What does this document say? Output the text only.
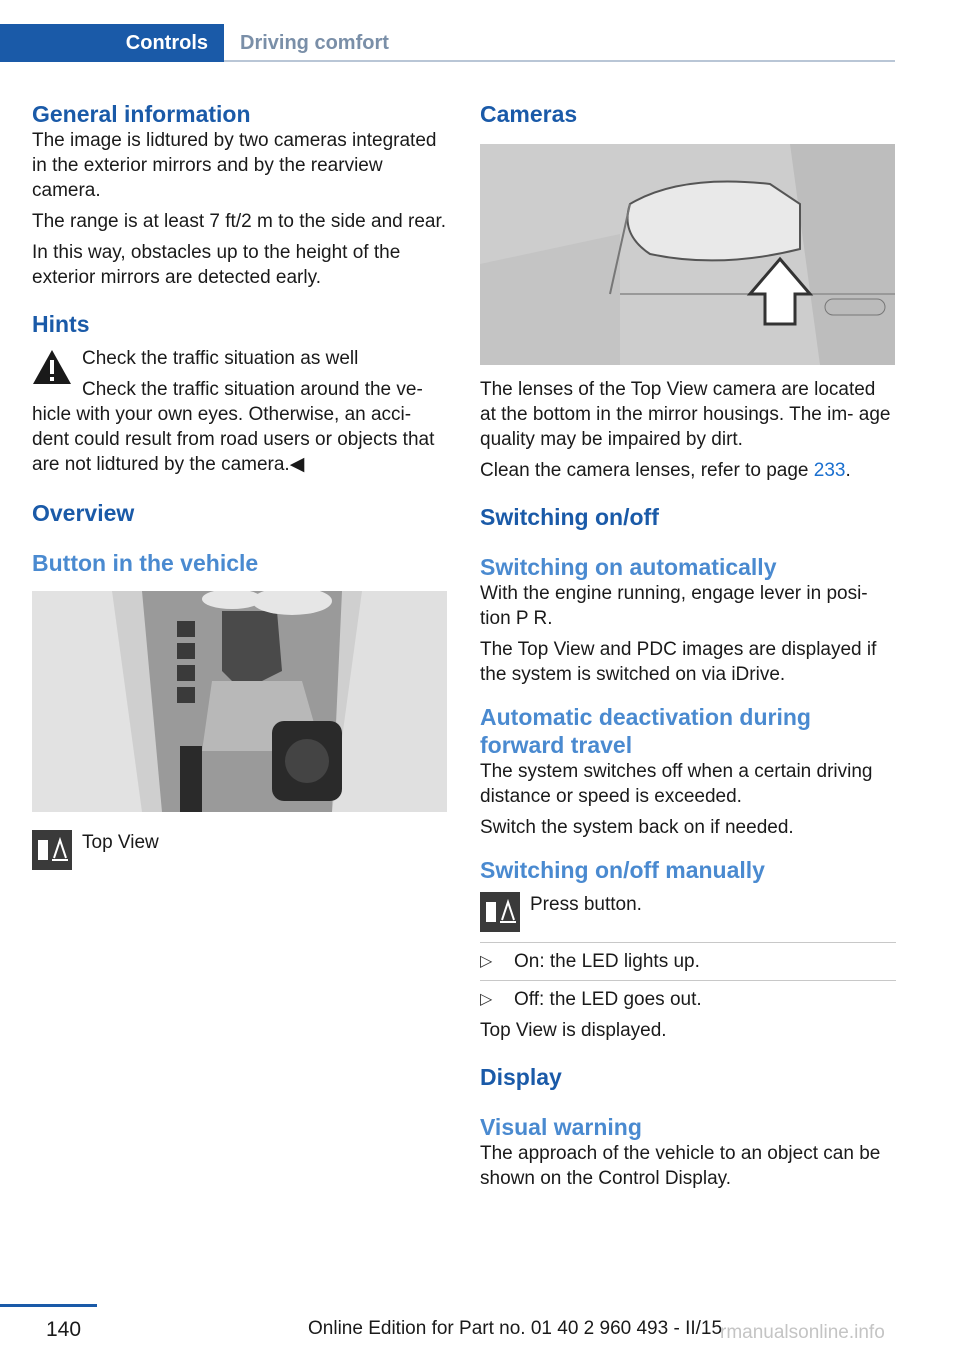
Controls	Driving comfort
General information

The image is lidtured by two cameras integrated in the exterior mirrors and by the rearview camera.

The range is at least 7 ft/2 m to the side and rear.

In this way, obstacles up to the height of the exterior mirrors are detected early.

Hints

Check the traffic situation as well

Check the traffic situation around the ve‐

hicle with your own eyes. Otherwise, an acci‐ dent could result from road users or objects that are not lidtured by the camera.◀

Overview
Button in the vehicle
Top View
Cameras

The lenses of the Top View camera are located at the bottom in the mirror housings. The im‐ age quality may be impaired by dirt.

Clean the camera lenses, refer to page 233.

Switching on/off
Switching on automatically

With the engine running, engage lever in posi‐ tion P R.

The Top View and PDC images are displayed if the system is switched on via iDrive.

Automatic deactivation during forward travel

The system switches off when a certain driving distance or speed is exceeded.

Switch the system back on if needed.

Switching on/off manually
Press button.
▷ On: the LED lights up.
▷ Off: the LED goes out.

Top View is displayed.

Display
Visual warning

The approach of the vehicle to an object can be shown on the Control Display.

140	Online Edition for Part no. 01 40 2 960 493 - II/15
rmanualsonline.info
